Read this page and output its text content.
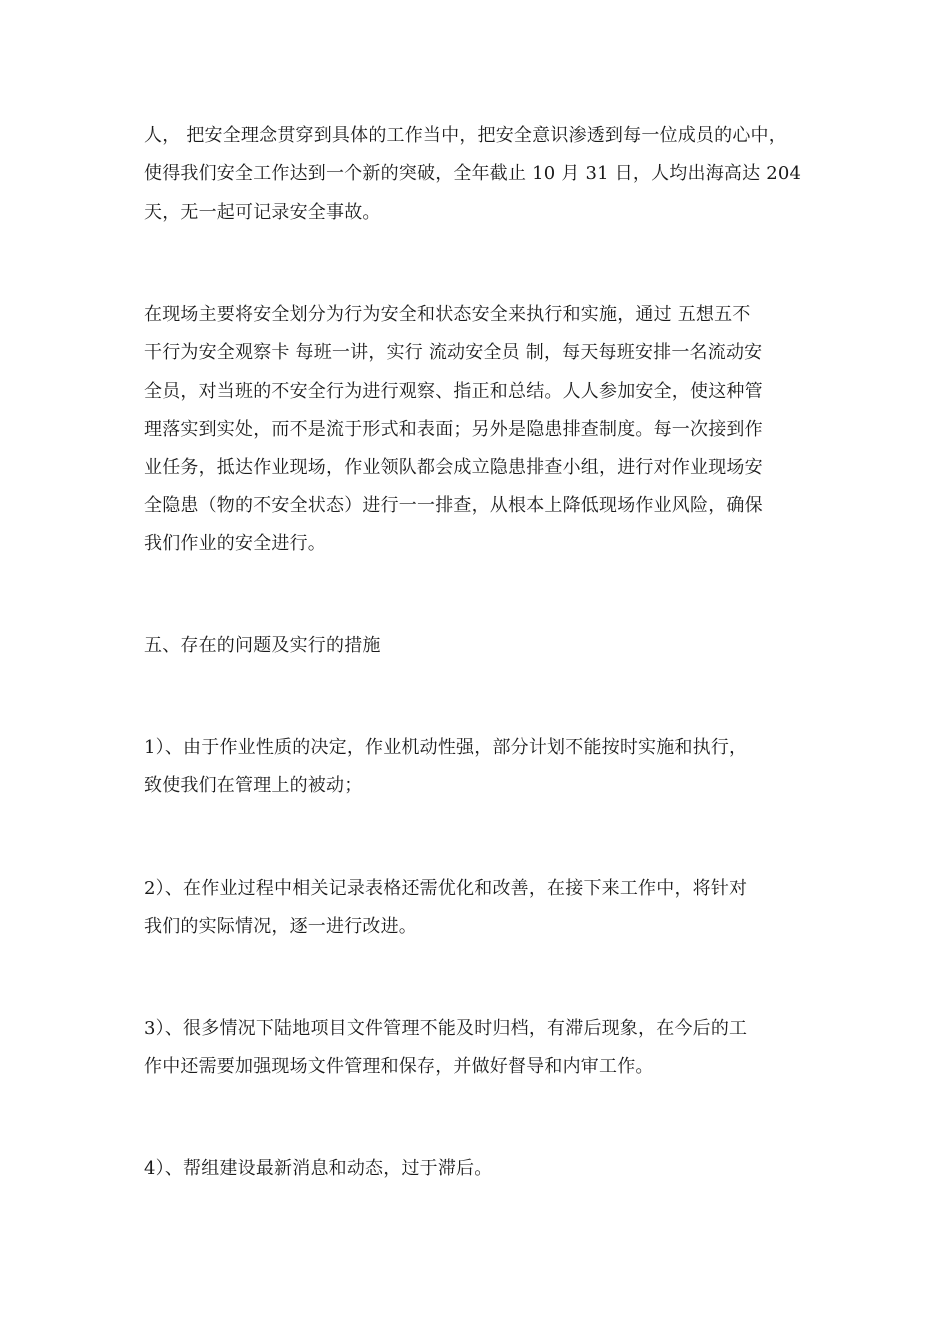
人， 把安全理念贯穿到具体的工作当中，把安全意识渗透到每一位成员的心中，
使得我们安全工作达到一个新的突破，全年截止 10 月 31 日，人均出海高达 204
天，无一起可记录安全事故。
在现场主要将安全划分为行为安全和状态安全来执行和实施，通过 五想五不
干行为安全观察卡 每班一讲，实行 流动安全员 制，每天每班安排一名流动安
全员，对当班的不安全行为进行观察、指正和总结。人人参加安全，使这种管
理落实到实处，而不是流于形式和表面；另外是隐患排查制度。每一次接到作
业任务，抵达作业现场，作业领队都会成立隐患排查小组，进行对作业现场安
全隐患（物的不安全状态）进行一一排查，从根本上降低现场作业风险，确保
我们作业的安全进行。
五、存在的问题及实行的措施
1）、由于作业性质的决定，作业机动性强，部分计划不能按时实施和执行，
致使我们在管理上的被动；
2）、在作业过程中相关记录表格还需优化和改善，在接下来工作中，将针对
我们的实际情况，逐一进行改进。
3）、很多情况下陆地项目文件管理不能及时归档，有滞后现象，在今后的工
作中还需要加强现场文件管理和保存，并做好督导和内审工作。
4）、帮组建设最新消息和动态，过于滞后。
